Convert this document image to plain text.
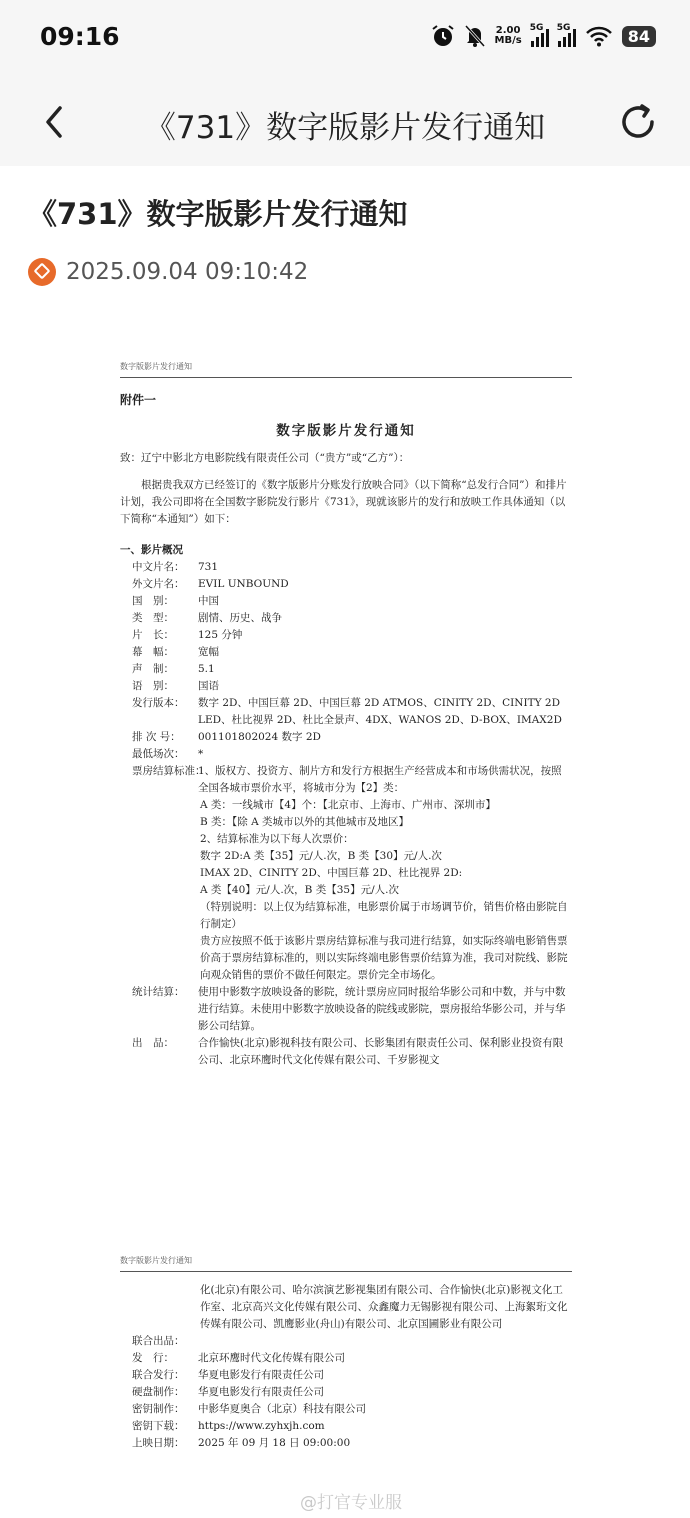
09:16	2.00
MB/s
5G 5G	84
《731》数字版影片发行通知
《731》数字版影片发行通知
2025.09.04 09:10:42
数字版影片发行通知
附件一
数字版影片发行通知
致：辽宁中影北方电影院线有限责任公司（“贵方”或“乙方”）：
根据贵我双方已经签订的《数字版影片分账发行放映合同》（以下简称“总发行合同”）和排片计划，我公司即将在全国数字影院发行影片《731》，现就该影片的发行和放映工作具体通知（以下简称“本通知”）如下：
一、影片概况
中文片名：	731
外文片名：	EVIL UNBOUND
国　别：	中国
类　型：	剧情、历史、战争
片　长：	125 分钟
幕　幅：	宽幅
声　制：	5.1
语　别：	国语
发行版本：	数字 2D、中国巨幕 2D、中国巨幕 2D ATMOS、CINITY 2D、CINITY 2D LED、杜比视界 2D、杜比全景声、4DX、WANOS 2D、D-BOX、IMAX2D
排 次 号：	001101802024 数字 2D
最低场次：	*
票房结算标准：
1、版权方、投资方、制片方和发行方根据生产经营成本和市场供需状况，按照全国各城市票价水平，将城市分为【2】类：
A 类：一线城市【4】个：【北京市、上海市、广州市、深圳市】
B 类：【除 A 类城市以外的其他城市及地区】
2、结算标准为以下每人次票价：
数字 2D:A 类【35】元/人.次，B 类【30】元/人.次
IMAX 2D、CINITY 2D、中国巨幕 2D、杜比视界 2D:
A 类【40】元/人.次，B 类【35】元/人.次
（特别说明：以上仅为结算标准，电影票价属于市场调节价，销售价格由影院自行制定）
贵方应按照不低于该影片票房结算标准与我司进行结算，如实际终端电影销售票价高于票房结算标准的，则以实际终端电影售票价结算为准，我司对院线、影院向观众销售的票价不做任何限定。票价完全市场化。
统计结算：	使用中影数字放映设备的影院，统计票房应同时报给华影公司和中数，并与中数进行结算。未使用中影数字放映设备的院线或影院，票房报给华影公司，并与华影公司结算。
出　品：	合作愉快(北京)影视科技有限公司、长影集团有限责任公司、保利影业投资有限公司、北京环鹰时代文化传媒有限公司、千岁影视文
数字版影片发行通知
化(北京)有限公司、哈尔滨演艺影视集团有限公司、合作愉快(北京)影视文化工作室、北京高兴文化传媒有限公司、众鑫魔力无锡影视有限公司、上海絮珩文化传媒有限公司、凯鹰影业(舟山)有限公司、北京国圃影业有限公司
联合出品：
发　行：	北京环鹰时代文化传媒有限公司
联合发行：	华夏电影发行有限责任公司
硬盘制作：	华夏电影发行有限责任公司
密钥制作：	中影华夏奥合（北京）科技有限公司
密钥下载：	https://www.zyhxjh.com
上映日期：	2025 年 09 月 18 日 09:00:00
@打官专业服
